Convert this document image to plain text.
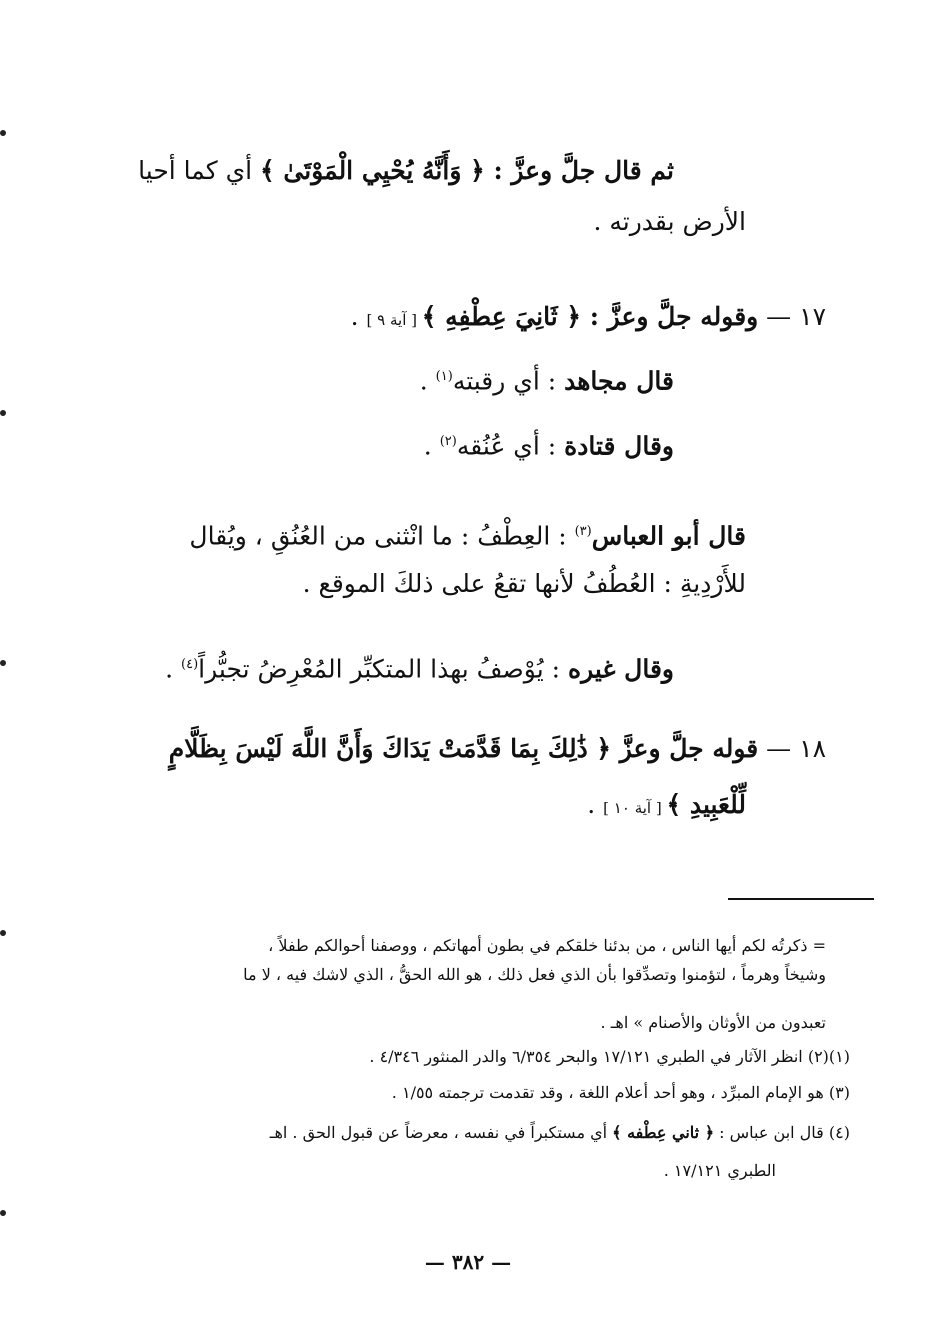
ثم قال جلَّ وعزَّ : ﴿ وَأَنَّهُ يُحْيِي الْمَوْتَىٰ ﴾ أي كما أحيا
الأرض بقدرته .
١٧ — وقوله جلَّ وعزَّ : ﴿ ثَانِيَ عِطْفِهِ ﴾ [ آية ٩ ] .
قال مجاهد : أي رقبته$^{(١)}$ .
وقال قتادة : أي عُنُقه$^{(٢)}$ .
قال أبو العباس$^{(٣)}$ : العِطْفُ : ما انْثنى من العُنُقِ ، ويُقال
للأَرْدِيةِ : العُطُفُ لأنها تقعُ على ذلكَ الموقع .
وقال غيره : يُوْصفُ بهذا المتكبِّر المُعْرِضُ تجبُّراً$^{(٤)}$ .
١٨ — قوله جلَّ وعزَّ ﴿ ذَٰلِكَ بِمَا قَدَّمَتْ يَدَاكَ وَأَنَّ اللَّهَ لَيْسَ بِظَلَّامٍ
لِّلْعَبِيدِ ﴾ [ آية ١٠ ] .
= ذكرتُه لكم أيها الناس ، من بدئنا خلقكم في بطون أمهاتكم ، ووصفنا أحوالكم طفلاً ،
وشيخاً وهرماً ، لتؤمنوا وتصدِّقوا بأن الذي فعل ذلك ، هو الله الحقُّ ، الذي لاشك فيه ، لا ما
تعبدون من الأوثان والأصنام » اهـ .
(١)(٢) انظر الآثار في الطبري ١٧/١٢١ والبحر ٦/٣٥٤ والدر المنثور ٤/٣٤٦ .
(٣) هو الإمام المبرِّد ، وهو أحد أعلام اللغة ، وقد تقدمت ترجمته ١/٥٥ .
(٤) قال ابن عباس : ﴿ ثاني عِطْفه ﴾ أي مستكبراً في نفسه ، معرضاً عن قبول الحق . اهـ
الطبري ١٧/١٢١ .
— ٣٨٢ —
